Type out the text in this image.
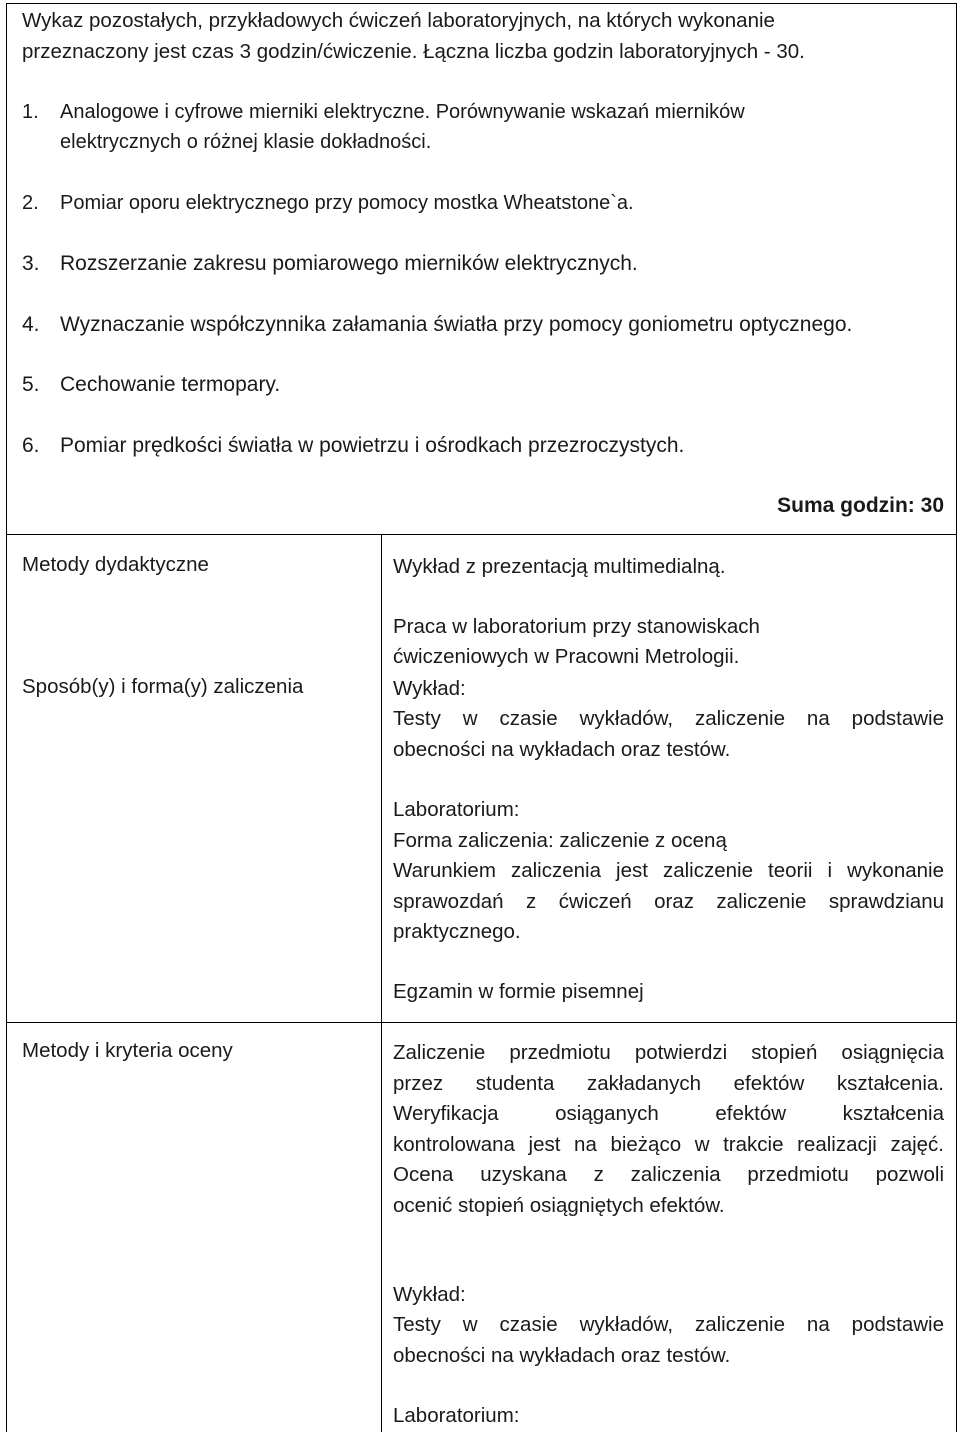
Wykaz pozostałych, przykładowych ćwiczeń laboratoryjnych, na których wykonanie
przeznaczony jest czas 3 godzin/ćwiczenie. Łączna liczba godzin laboratoryjnych - 30.
1.	Analogowe i cyfrowe mierniki elektryczne. Porównywanie wskazań mierników
elektrycznych o różnej klasie dokładności.
2.	Pomiar oporu elektrycznego przy pomocy mostka Wheatstone`a.
3. Rozszerzanie zakresu pomiarowego mierników elektrycznych.
4. Wyznaczanie współczynnika załamania światła przy pomocy goniometru optycznego.
5. Cechowanie termopary.
6. Pomiar prędkości światła w powietrzu i ośrodkach przezroczystych.
Suma godzin: 30
Metody dydaktyczne	Wykład z prezentacją multimedialną.
Praca w laboratorium przy stanowiskach
ćwiczeniowych w Pracowni Metrologii.
Sposób(y) i forma(y) zaliczenia	Wykład:
Testy w czasie wykładów, zaliczenie na podstawie
obecności na wykładach oraz testów.
Laboratorium:
Forma zaliczenia: zaliczenie z oceną
Warunkiem zaliczenia jest zaliczenie teorii i wykonanie
sprawozdań z ćwiczeń oraz zaliczenie sprawdzianu
praktycznego.
Egzamin w formie pisemnej
Metody i kryteria oceny	Zaliczenie przedmiotu potwierdzi stopień osiągnięcia
przez studenta zakładanych efektów kształcenia.
Weryfikacja osiąganych efektów kształcenia
kontrolowana jest na bieżąco w trakcie realizacji zajęć.
Ocena uzyskana z zaliczenia przedmiotu pozwoli
ocenić stopień osiągniętych efektów.
Wykład:
Testy w czasie wykładów, zaliczenie na podstawie
obecności na wykładach oraz testów.
Laboratorium:
